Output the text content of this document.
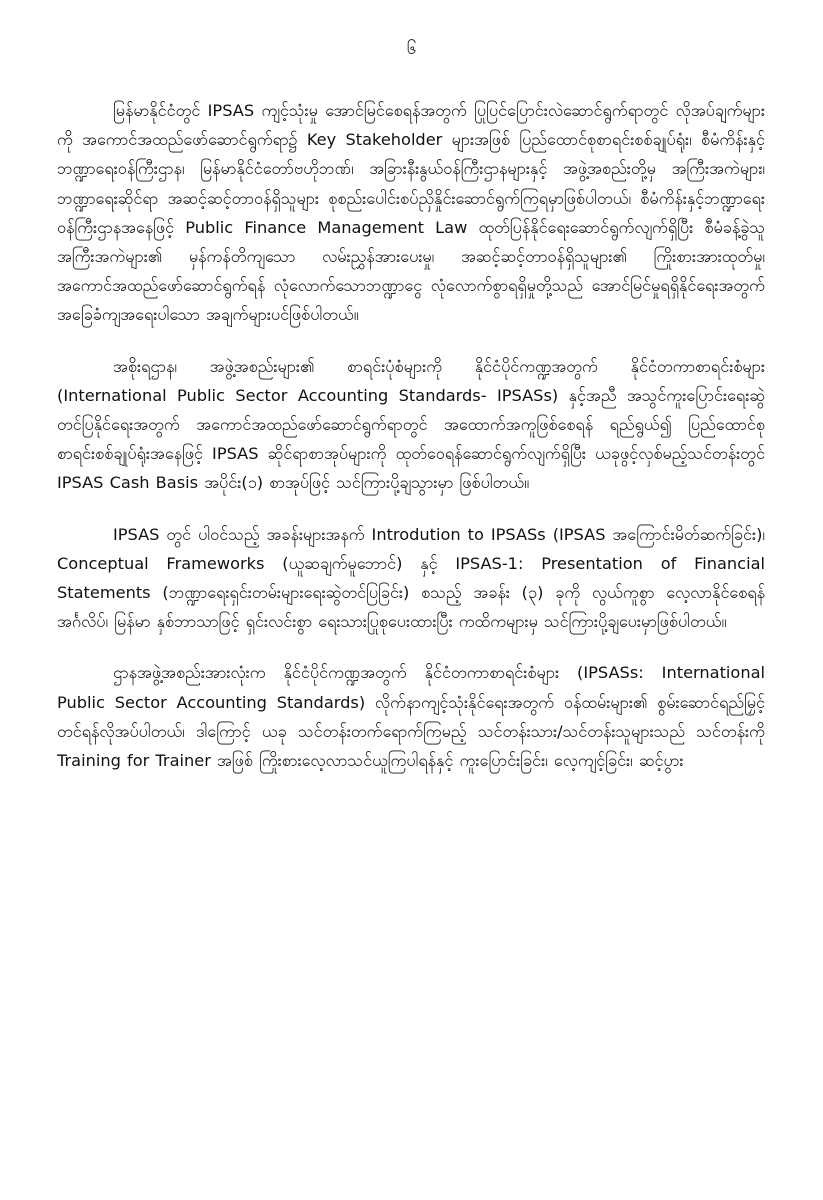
၆

မြန်မာနိုင်ငံတွင် IPSAS ကျင့်သုံးမှု အောင်မြင်စေရန်အတွက် ပြုပြင်ပြောင်းလဲဆောင်ရွက်ရာတွင် လိုအပ်ချက်များကို အကောင်အထည်ဖော်ဆောင်ရွက်ရာ၌ Key Stakeholder များအဖြစ် ပြည်ထောင်စုစာရင်းစစ်ချုပ်ရုံး၊ စီမံကိန်းနှင့်ဘဏ္ဍာရေးဝန်ကြီးဌာန၊ မြန်မာနိုင်ငံတော်ဗဟိုဘဏ်၊ အခြားနီးနွယ်ဝန်ကြီးဌာနများနှင့် အဖွဲ့အစည်းတို့မှ အကြီးအကဲများ၊ ဘဏ္ဍာရေးဆိုင်ရာ အဆင့်ဆင့်တာဝန်ရှိသူများ စုစည်းပေါင်းစပ်ညှိနှိုင်းဆောင်ရွက်ကြရမှာဖြစ်ပါတယ်၊ စီမံကိန်းနှင့်ဘဏ္ဍာရေးဝန်ကြီးဌာနအနေဖြင့် Public Finance Management Law ထုတ်ပြန်နိုင်ရေးဆောင်ရွက်လျက်ရှိပြီး စီမံခန့်ခွဲသူအကြီးအကဲများ၏ မှန်ကန်တိကျသော လမ်းညွှန်အားပေးမှု၊ အဆင့်ဆင့်တာဝန်ရှိသူများ၏ ကြိုးစားအားထုတ်မှု၊ အကောင်အထည်ဖော်ဆောင်ရွက်ရန် လုံလောက်သောဘဏ္ဍာငွေ လုံလောက်စွာရရှိမှုတို့သည် အောင်မြင်မှုရရှိနိုင်ရေးအတွက် အခြေခံကျအရေးပါသော အချက်များပင်ဖြစ်ပါတယ်။

အစိုးရဌာန၊ အဖွဲ့အစည်းများ၏ စာရင်းပုံစံများကို နိုင်ငံပိုင်ကဏ္ဍအတွက် နိုင်ငံတကာစာရင်းစံများ (International Public Sector Accounting Standards- IPSASs) နှင့်အညီ အသွင်ကူးပြောင်းရေးဆွဲတင်ပြနိုင်ရေးအတွက် အကောင်အထည်ဖော်ဆောင်ရွက်ရာတွင် အထောက်အကူဖြစ်စေရန် ရည်ရွယ်၍ ပြည်ထောင်စုစာရင်းစစ်ချုပ်ရုံးအနေဖြင့် IPSAS ဆိုင်ရာစာအုပ်များကို ထုတ်ဝေရန်ဆောင်ရွက်လျက်ရှိပြီး ယခုဖွင့်လှစ်မည့်သင်တန်းတွင် IPSAS Cash Basis အပိုင်း(၁) စာအုပ်ဖြင့် သင်ကြားပို့ချသွားမှာ ဖြစ်ပါတယ်။

IPSAS တွင် ပါဝင်သည့် အခန်းများအနက် Introdution to IPSASs (IPSAS အကြောင်းမိတ်ဆက်ခြင်း)၊ Conceptual Frameworks (ယူဆချက်မူဘောင်) နှင့် IPSAS-1: Presentation of Financial Statements (ဘဏ္ဍာရေးရှင်းတမ်းများရေးဆွဲတင်ပြခြင်း) စသည့် အခန်း (၃) ခုကို လွယ်ကူစွာ လေ့လာနိုင်စေရန် အင်္ဂလိပ်၊ မြန်မာ နှစ်ဘာသာဖြင့် ရှင်းလင်းစွာ ရေးသားပြုစုပေးထားပြီး ကထိကများမှ သင်ကြားပို့ချပေးမှာဖြစ်ပါတယ်။

ဌာနအဖွဲ့အစည်းအားလုံးက နိုင်ငံပိုင်ကဏ္ဍအတွက် နိုင်ငံတကာစာရင်းစံများ (IPSASs: International Public Sector Accounting Standards) လိုက်နာကျင့်သုံးနိုင်ရေးအတွက် ဝန်ထမ်းများ၏ စွမ်းဆောင်ရည်မြှင့်တင်ရန်လိုအပ်ပါတယ်၊ ဒါကြောင့် ယခု သင်တန်းတက်ရောက်ကြမည့် သင်တန်းသား/သင်တန်းသူများသည် သင်တန်းကို Training for Trainer အဖြစ် ကြိုးစားလေ့လာသင်ယူကြပါရန်နှင့် ကူးပြောင်းခြင်း၊ လေ့ကျင့်ခြင်း၊ ဆင့်ပွား
